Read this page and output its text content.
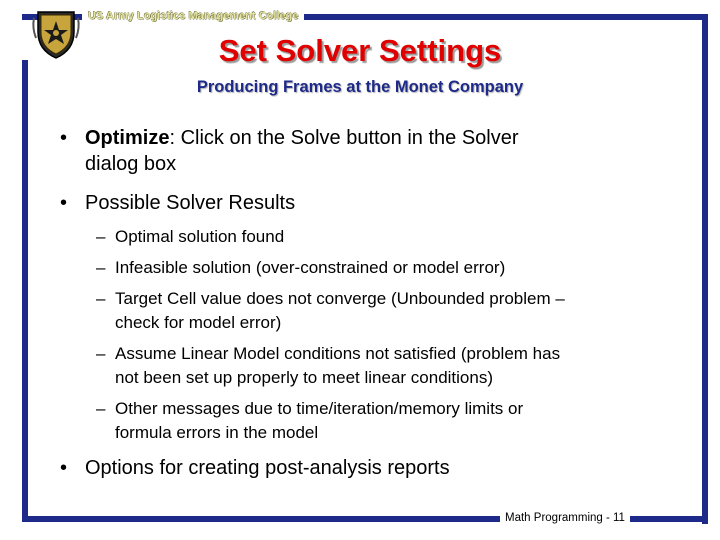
US Army Logistics Management College
Set Solver Settings
Producing Frames at the Monet Company
• Optimize: Click on the Solve button in the Solver
dialog box
• Possible Solver Results
– Optimal solution found
– Infeasible solution (over-constrained or model error)
– Target Cell value does not converge (Unbounded problem –
check for model error)
– Assume Linear Model conditions not satisfied (problem has
not been set up properly to meet linear conditions)
– Other messages due to time/iteration/memory limits or
formula errors in the model
• Options for creating post-analysis reports
Math Programming - 11
